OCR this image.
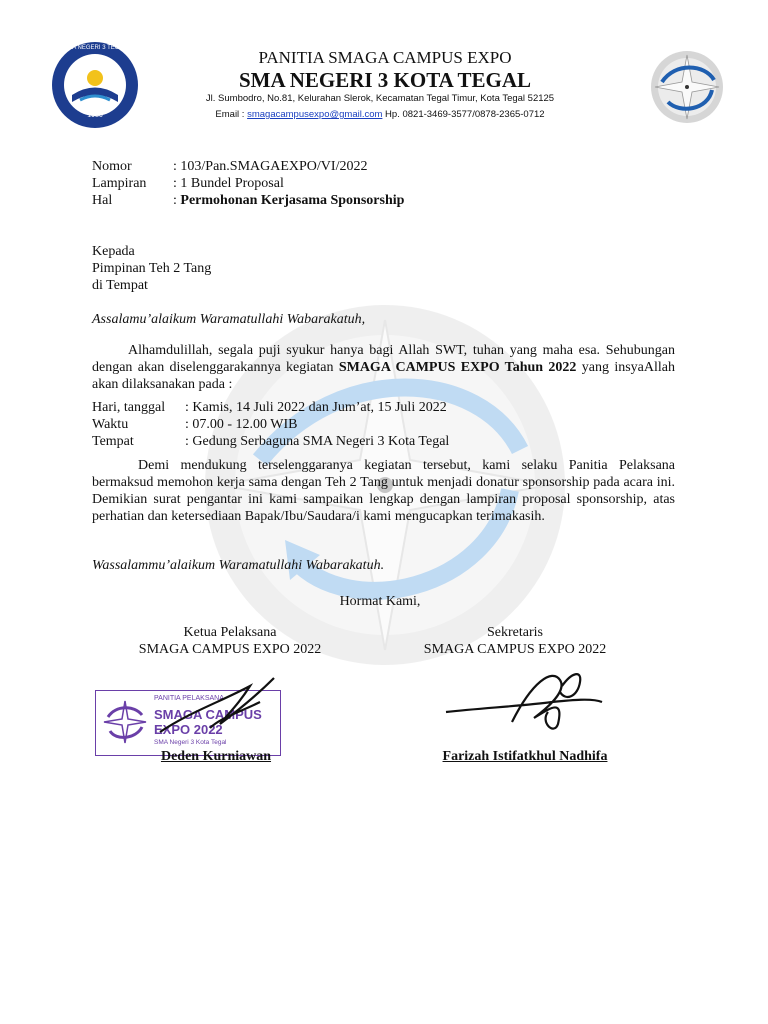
SMA NEGERI 3 TEGAL
1986
PANITIA SMAGA CAMPUS EXPO
SMA NEGERI 3 KOTA TEGAL
Jl. Sumbodro, No.81, Kelurahan Slerok, Kecamatan Tegal Timur, Kota Tegal 52125
Email : smagacampusexpo@gmail.com Hp. 0821-3469-3577/0878-2365-0712
Nomor	: 103/Pan.SMAGAEXPO/VI/2022
Lampiran : 1 Bundel Proposal
Hal	: Permohonan Kerjasama Sponsorship
Kepada
Pimpinan Teh 2 Tang
di Tempat
Assalamu’alaikum Waramatullahi Wabarakatuh,
Alhamdulillah, segala puji syukur hanya bagi Allah SWT, tuhan yang maha esa. Sehubungan dengan akan diselenggarakannya kegiatan SMAGA CAMPUS EXPO Tahun 2022 yang insyaAllah akan dilaksanakan pada :
Hari, tanggal : Kamis, 14 Juli 2022 dan Jum’at, 15 Juli 2022
Waktu	: 07.00 - 12.00 WIB
Tempat	: Gedung Serbaguna SMA Negeri 3 Kota Tegal
Demi mendukung terselenggaranya kegiatan tersebut, kami selaku Panitia Pelaksana bermaksud memohon kerja sama dengan Teh 2 Tang untuk menjadi donatur sponsorship pada acara ini. Demikian surat pengantar ini kami sampaikan lengkap dengan lampiran proposal sponsorship, atas perhatian dan ketersediaan Bapak/Ibu/Saudara/i kami mengucapkan terimakasih.
Wassalammu’alaikum Waramatullahi Wabarakatuh.
Hormat Kami,
Ketua Pelaksana
SMAGA CAMPUS EXPO 2022
Sekretaris
SMAGA CAMPUS EXPO 2022
PANITIA PELAKSANA
SMAGA CAMPUS
EXPO 2022
SMA Negeri 3 Kota Tegal
Deden Kurniawan	Farizah Istifatkhul Nadhifa
